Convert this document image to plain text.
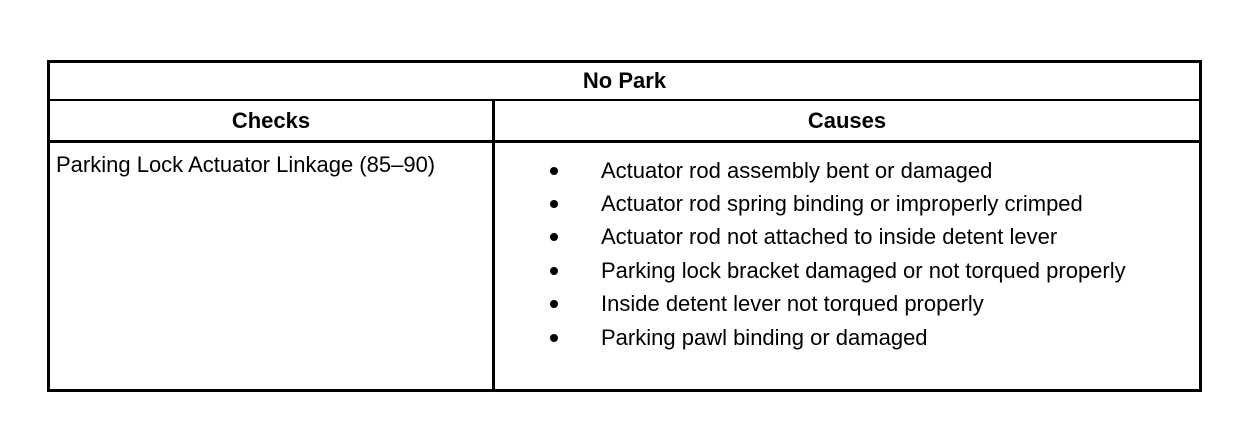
No Park
Checks	Causes
Parking Lock Actuator Linkage (85–90)	Actuator rod assembly bent or damaged
Actuator rod spring binding or improperly crimped
Actuator rod not attached to inside detent lever
Parking lock bracket damaged or not torqued properly
Inside detent lever not torqued properly
Parking pawl binding or damaged
